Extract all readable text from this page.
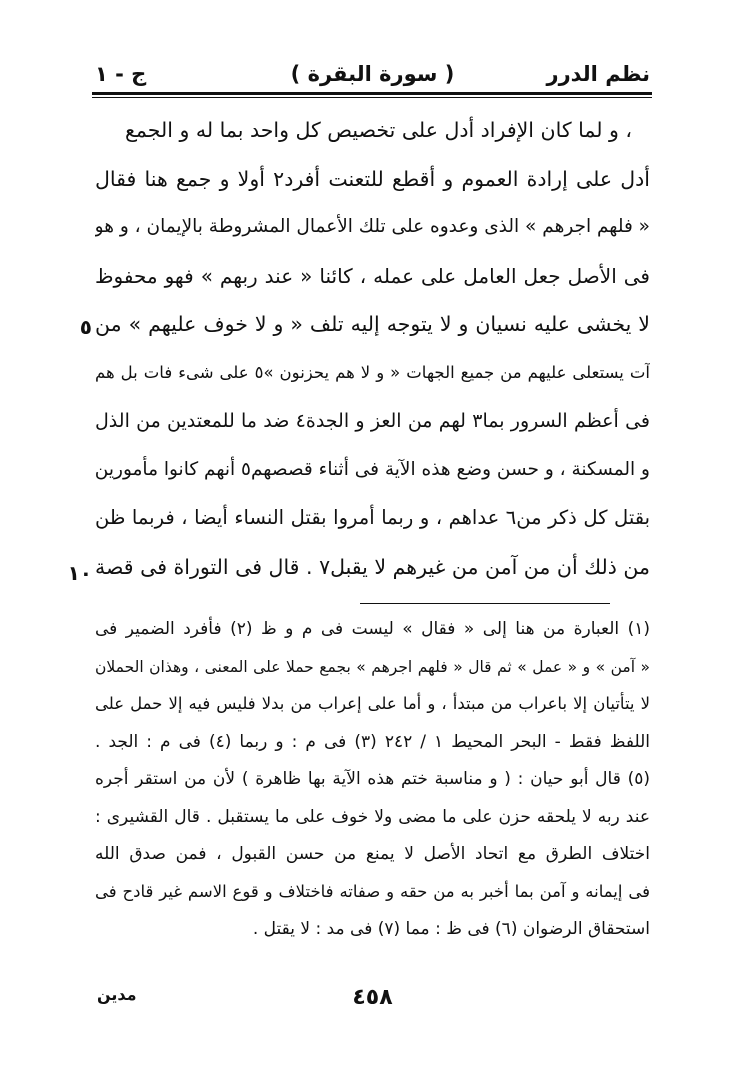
نظم الدرر
( سورة البقرة )
ج - ١
، و لما كان الإفراد أدل على تخصيص كل واحد بما له و الجمع
أدل على إرادة العموم و أقطع للتعنت أفرد٢ أولا و جمع هنا فقال
« فلهم اجرهم » الذى وعدوه على تلك الأعمال المشروطة بالإيمان ، و هو
فى الأصل جعل العامل على عمله ، كائنا « عند ربهم » فهو محفوظ
لا يخشى عليه نسيان و لا يتوجه إليه تلف « و لا خوف عليهم » من
آت يستعلى عليهم من جميع الجهات « و لا هم يحزنون »٥ على شىء فات بل هم
فى أعظم السرور بما٣ لهم من العز و الجدة٤ ضد ما للمعتدين من الذل
و المسكنة ، و حسن وضع هذه الآية فى أثناء قصصهم٥ أنهم كانوا مأمورين
بقتل كل ذكر من٦ عداهم ، و ربما أمروا بقتل النساء أيضا ، فربما ظن
من ذلك أن من آمن من غيرهم لا يقبل٧ . قال فى التوراة فى قصة
٥
١٠
(١) العبارة من هنا إلى « فقال » ليست فى م و ظ (٢) فأفرد الضمير فى
« آمن » و « عمل » ثم قال « فلهم اجرهم » بجمع حملا على المعنى ، وهذان الحملان
لا يتأتيان إلا باعراب من مبتدأ ، و أما على إعراب من بدلا فليس فيه إلا حمل على
اللفظ فقط - البحر المحيط ١ / ٢٤٢ (٣) فى م : و ربما (٤) فى م : الجد .
(٥) قال أبو حيان : ( و مناسبة ختم هذه الآية بها ظاهرة ) لأن من استقر أجره
عند ربه لا يلحقه حزن على ما مضى ولا خوف على ما يستقبل . قال القشيرى :
اختلاف الطرق مع اتحاد الأصل لا يمنع من حسن القبول ، فمن صدق الله
فى إيمانه و آمن بما أخبر به من حقه و صفاته فاختلاف و قوع الاسم غير قادح فى
استحقاق الرضوان (٦) فى ظ : مما (٧) فى مد : لا يقتل .
٤٥٨
مدين
